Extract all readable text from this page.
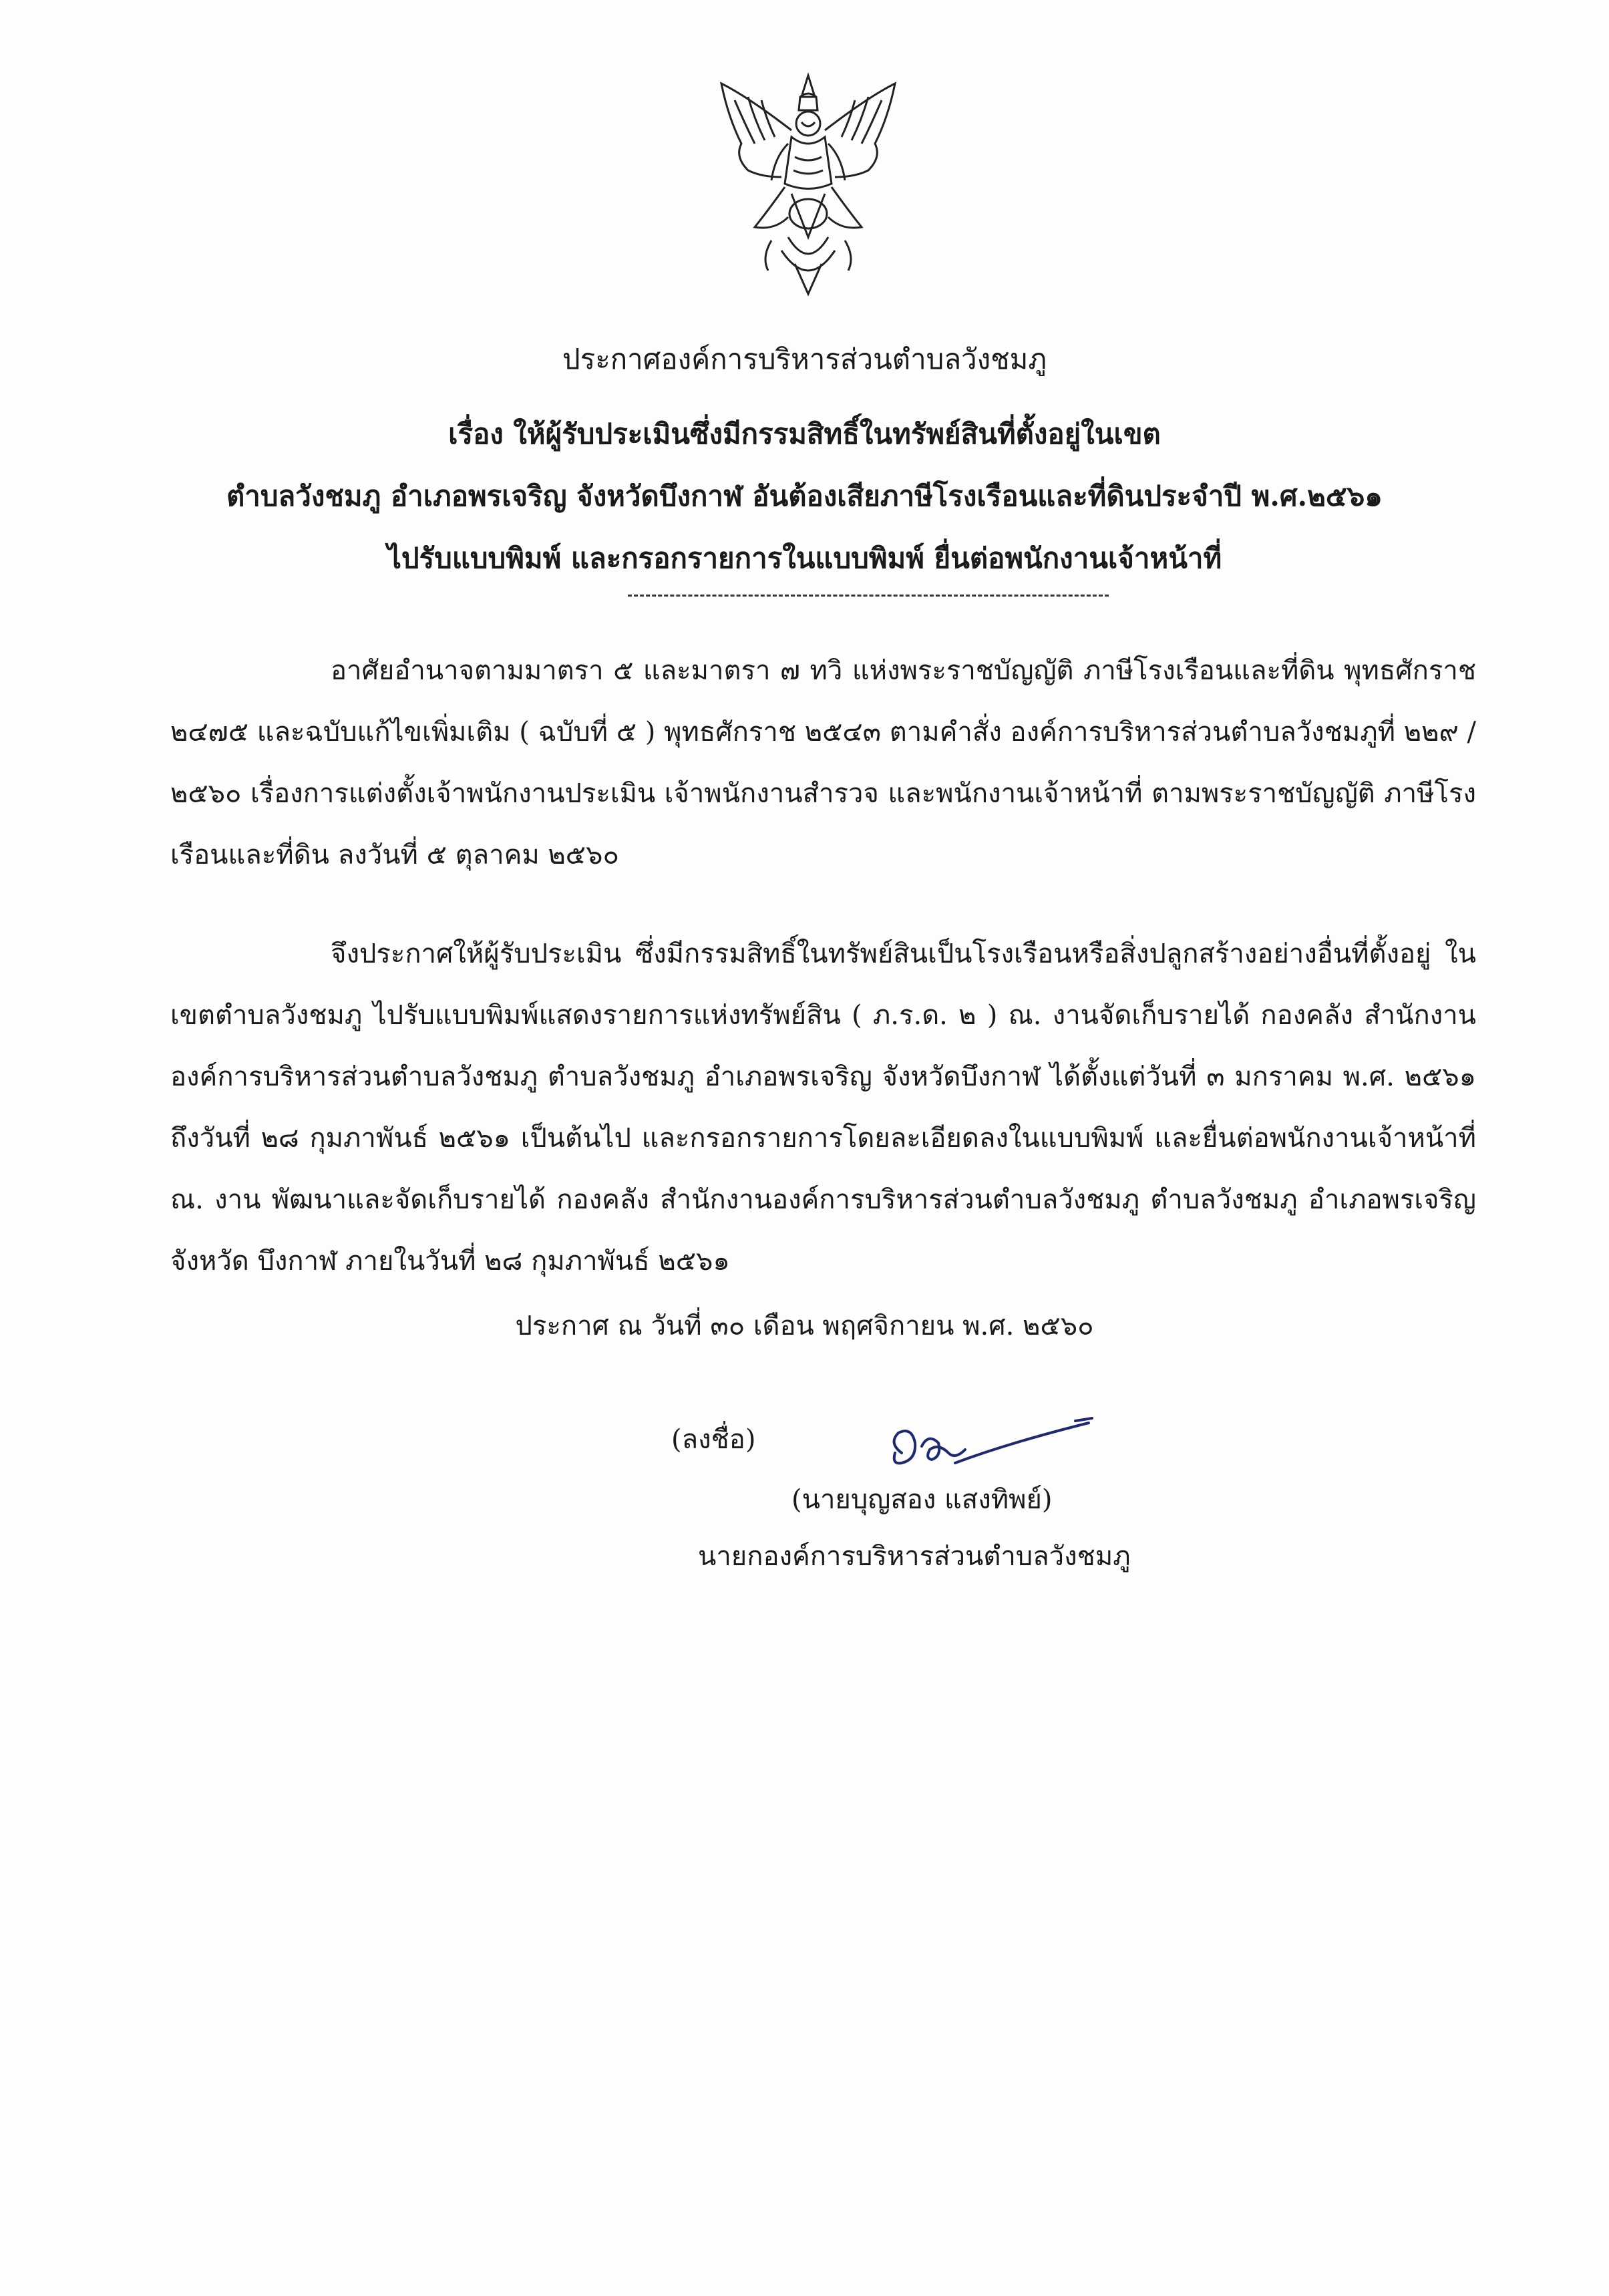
ประกาศองค์การบริหารส่วนตำบลวังชมภู
เรื่อง ให้ผู้รับประเมินซึ่งมีกรรมสิทธิ์ในทรัพย์สินที่ตั้งอยู่ในเขต
ตำบลวังชมภู อำเภอพรเจริญ จังหวัดบึงกาฬ อันต้องเสียภาษีโรงเรือนและที่ดินประจำปี พ.ศ.๒๕๖๑
ไปรับแบบพิมพ์ และกรอกรายการในแบบพิมพ์ ยื่นต่อพนักงานเจ้าหน้าที่

อาศัยอำนาจตามมาตรา ๕ และมาตรา ๗ ทวิ แห่งพระราชบัญญัติ ภาษีโรงเรือนและที่ดิน พุทธศักราช ๒๔๗๕ และฉบับแก้ไขเพิ่มเติม ( ฉบับที่ ๕ ) พุทธศักราช ๒๕๔๓ ตามคำสั่ง องค์การบริหารส่วนตำบลวังชมภูที่ ๒๒๙ / ๒๕๖๐ เรื่องการแต่งตั้งเจ้าพนักงานประเมิน เจ้าพนักงานสำรวจ และพนักงานเจ้าหน้าที่ ตามพระราชบัญญัติ ภาษีโรงเรือนและที่ดิน ลงวันที่ ๕ ตุลาคม ๒๕๖๐

จึงประกาศให้ผู้รับประเมิน ซึ่งมีกรรมสิทธิ์ในทรัพย์สินเป็นโรงเรือนหรือสิ่งปลูกสร้างอย่างอื่นที่ตั้งอยู่ ในเขตตำบลวังชมภู ไปรับแบบพิมพ์แสดงรายการแห่งทรัพย์สิน ( ภ.ร.ด. ๒ ) ณ. งานจัดเก็บรายได้ กองคลัง สำนักงาน องค์การบริหารส่วนตำบลวังชมภู ตำบลวังชมภู อำเภอพรเจริญ จังหวัดบึงกาฬ ได้ตั้งแต่วันที่ ๓ มกราคม พ.ศ. ๒๕๖๑ ถึงวันที่ ๒๘ กุมภาพันธ์ ๒๕๖๑ เป็นต้นไป และกรอกรายการโดยละเอียดลงในแบบพิมพ์ และยื่นต่อพนักงานเจ้าหน้าที่ ณ. งาน พัฒนาและจัดเก็บรายได้ กองคลัง สำนักงานองค์การบริหารส่วนตำบลวังชมภู ตำบลวังชมภู อำเภอพรเจริญ จังหวัด บึงกาฬ ภายในวันที่ ๒๘ กุมภาพันธ์ ๒๕๖๑

ประกาศ ณ วันที่ ๓๐ เดือน พฤศจิกายน พ.ศ. ๒๕๖๐
(ลงชื่อ)
(นายบุญสอง แสงทิพย์)
นายกองค์การบริหารส่วนตำบลวังชมภู
